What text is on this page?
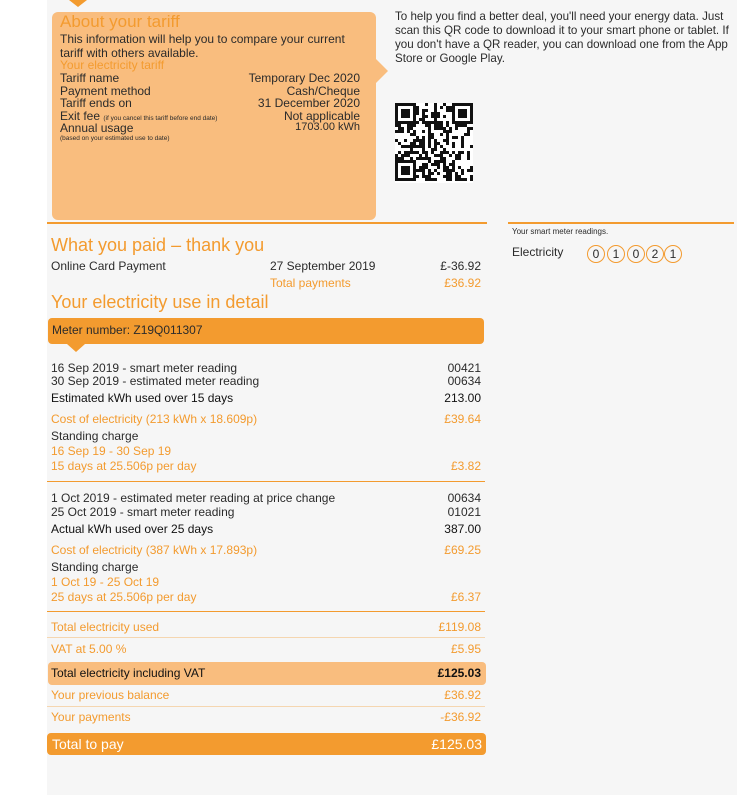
About your tariff
This information will help you to compare your current tariff with others available.
Your electricity tariff
Tariff name	Temporary Dec 2020
Payment method	Cash/Cheque
Tariff ends on	31 December 2020
Exit fee (if you cancel this tariff before end date)	Not applicable
Annual usage	1703.00 kWh
(based on your estimated use to date)
To help you find a better deal, you'll need your energy data. Just scan this QR code to download it to your smart phone or tablet. If you don't have a QR reader, you can download one from the App Store or Google Play.
Your smart meter readings.
Electricity	0	1	0	2 1
What you paid – thank you
Online Card Payment	27 September 2019	£-36.92
Total payments	£36.92
Your electricity use in detail
Meter number: Z19Q011307
16 Sep 2019 - smart meter reading	00421
30 Sep 2019 - estimated meter reading	00634
Estimated kWh used over 15 days	213.00
Cost of electricity (213 kWh x 18.609p)	£39.64
Standing charge
16 Sep 19 - 30 Sep 19
15 days at 25.506p per day	£3.82
1 Oct 2019 - estimated meter reading at price change	00634
25 Oct 2019 - smart meter reading	01021
Actual kWh used over 25 days	387.00
Cost of electricity (387 kWh x 17.893p)	£69.25
Standing charge
1 Oct 19 - 25 Oct 19
25 days at 25.506p per day	£6.37
Total electricity used	£119.08
VAT at 5.00 %	£5.95
Total electricity including VAT	£125.03
Your previous balance	£36.92
Your payments	-£36.92
Total to pay	£125.03
